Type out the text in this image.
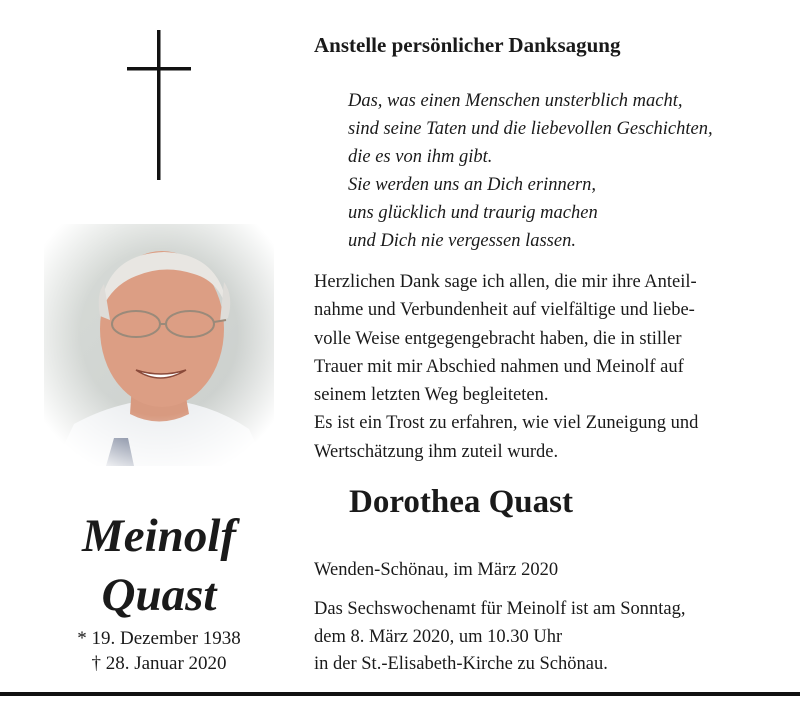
Meinolf
Quast
* 19. Dezember 1938
† 28. Januar 2020
Anstelle persönlicher Danksagung
Das, was einen Menschen unsterblich macht,
sind seine Taten und die liebevollen Geschichten,
die es von ihm gibt.
Sie werden uns an Dich erinnern,
uns glücklich und traurig machen
und Dich nie vergessen lassen.
Herzlichen Dank sage ich allen, die mir ihre Anteil-
nahme und Verbundenheit auf vielfältige und liebe-
volle Weise entgegengebracht haben, die in stiller
Trauer mit mir Abschied nahmen und Meinolf auf
seinem letzten Weg begleiteten.
Es ist ein Trost zu erfahren, wie viel Zuneigung und
Wertschätzung ihm zuteil wurde.
Dorothea Quast
Wenden-Schönau, im März 2020
Das Sechswochenamt für Meinolf ist am Sonntag,
dem 8. März 2020, um 10.30 Uhr
in der St.-Elisabeth-Kirche zu Schönau.
